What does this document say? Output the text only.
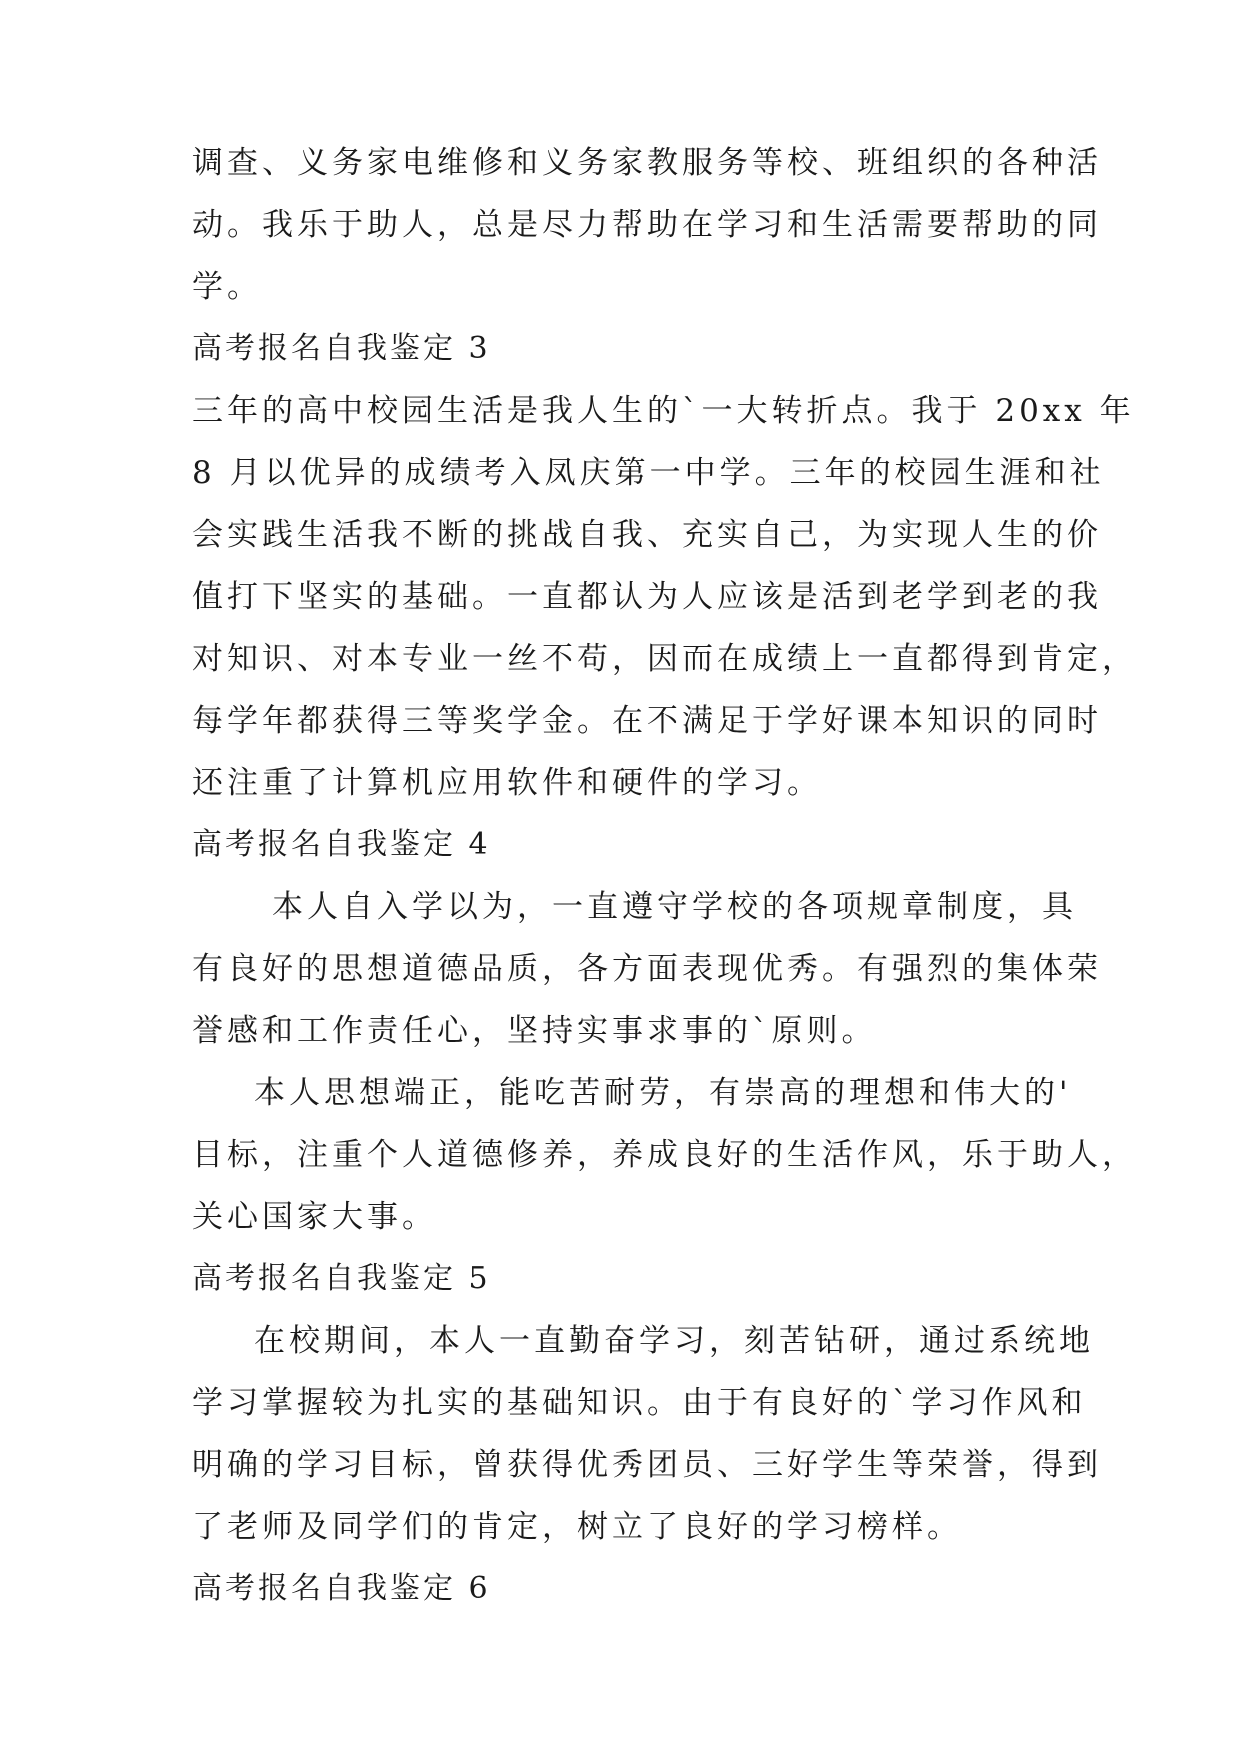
调查、义务家电维修和义务家教服务等校、班组织的各种活
动。我乐于助人，总是尽力帮助在学习和生活需要帮助的同
学。
高考报名自我鉴定 3
三年的高中校园生活是我人生的`一大转折点。我于 20xx 年
8 月以优异的成绩考入凤庆第一中学。三年的校园生涯和社
会实践生活我不断的挑战自我、充实自己，为实现人生的价
值打下坚实的基础。一直都认为人应该是活到老学到老的我
对知识、对本专业一丝不苟，因而在成绩上一直都得到肯定，
每学年都获得三等奖学金。在不满足于学好课本知识的同时
还注重了计算机应用软件和硬件的学习。
高考报名自我鉴定 4
本人自入学以为，一直遵守学校的各项规章制度，具
有良好的思想道德品质，各方面表现优秀。有强烈的集体荣
誉感和工作责任心，坚持实事求事的`原则。
本人思想端正，能吃苦耐劳，有崇高的理想和伟大的'
目标，注重个人道德修养，养成良好的生活作风，乐于助人，
关心国家大事。
高考报名自我鉴定 5
在校期间，本人一直勤奋学习，刻苦钻研，通过系统地
学习掌握较为扎实的基础知识。由于有良好的`学习作风和
明确的学习目标，曾获得优秀团员、三好学生等荣誉，得到
了老师及同学们的肯定，树立了良好的学习榜样。
高考报名自我鉴定 6
